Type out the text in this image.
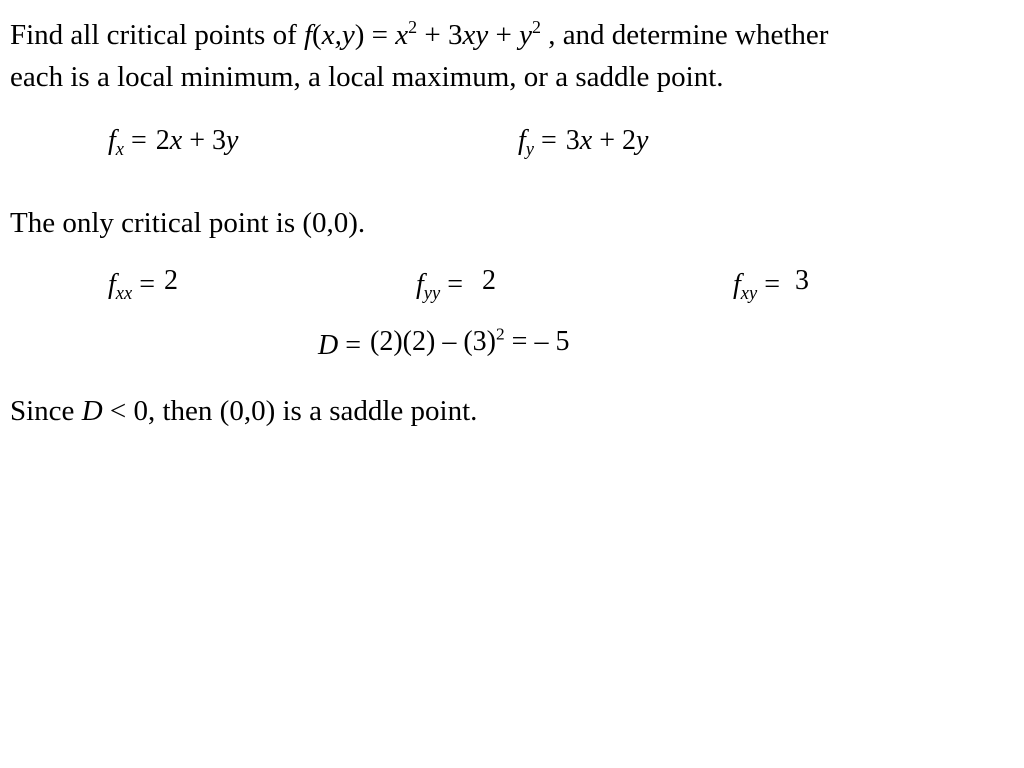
Find all critical points of $f(x,y) = x^2 + 3xy + y^2$ , and determine whether
each is a local minimum, a local maximum, or a saddle point.
$f_x = 2x + 3y$	$f_y = 3x + 2y$
The only critical point is (0,0).
$f_{xx} = 2$	$f_{yy} = 2$	$f_{xy} = 3$
$D = (2)(2) - (3)^2$ = – 5
Since D < 0, then (0,0) is a saddle point.
